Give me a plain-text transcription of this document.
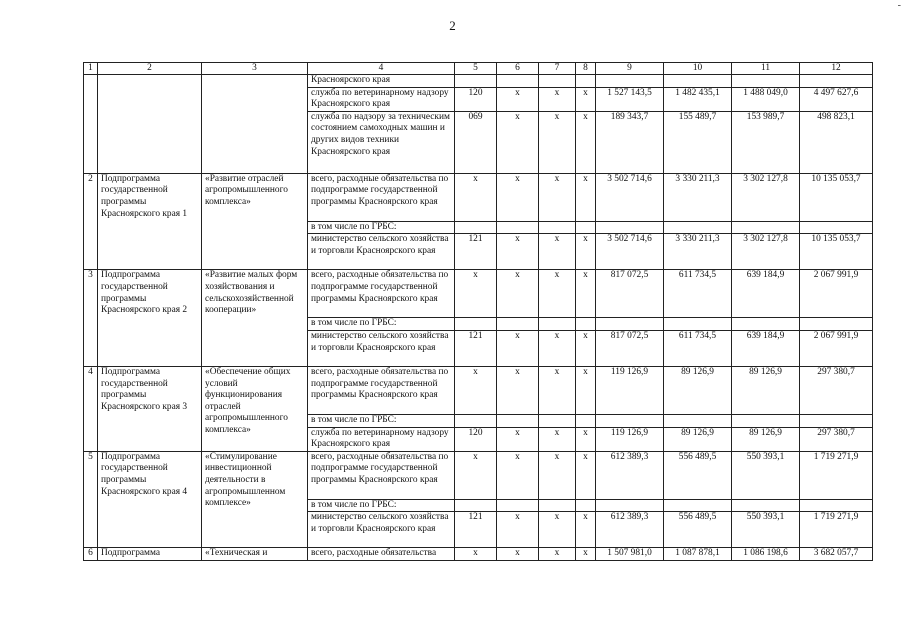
2
-
1	2	3	4	5	6	7	8	9	10	11	12
			Красноярского края								
			служба по ветеринарному надзору Красноярского края	120	х	х	х	1 527 143,5	1 482 435,1	1 488 049,0	4 497 627,6
			служба по надзору за техническим состоянием самоходных машин и других видов техники Красноярского края	069	х	х	х	189 343,7	155 489,7	153 989,7	498 823,1
2	Подпрограмма государственной программы Красноярского края 1	«Развитие отраслей агропромышленного комплекса»	всего, расходные обязательства по подпрограмме государственной программы Красноярского края	х	х	х	х	3 502 714,6	3 330 211,3	3 302 127,8	10 135 053,7
			в том числе по ГРБС:								
			министерство сельского хозяйства и торговли Красноярского края	121	х	х	х	3 502 714,6	3 330 211,3	3 302 127,8	10 135 053,7
3	Подпрограмма государственной программы Красноярского края 2	«Развитие малых форм хозяйствования и сельскохозяйственной кооперации»	всего, расходные обязательства по подпрограмме государственной программы Красноярского края	х	х	х	х	817 072,5	611 734,5	639 184,9	2 067 991,9
			в том числе по ГРБС:								
			министерство сельского хозяйства и торговли Красноярского края	121	х	х	х	817 072,5	611 734,5	639 184,9	2 067 991,9
4	Подпрограмма государственной программы Красноярского края 3	«Обеспечение общих условий функционирования отраслей агропромышленного комплекса»	всего, расходные обязательства по подпрограмме государственной программы Красноярского края	х	х	х	х	119 126,9	89 126,9	89 126,9	297 380,7
			в том числе по ГРБС:								
			служба по ветеринарному надзору Красноярского края	120	х	х	х	119 126,9	89 126,9	89 126,9	297 380,7
5	Подпрограмма государственной программы Красноярского края 4	«Стимулирование инвестиционной деятельности в агропромышленном комплексе»	всего, расходные обязательства по подпрограмме государственной программы Красноярского края	х	х	х	х	612 389,3	556 489,5	550 393,1	1 719 271,9
			в том числе по ГРБС:								
			министерство сельского хозяйства и торговли Красноярского края	121	х	х	х	612 389,3	556 489,5	550 393,1	1 719 271,9
6	Подпрограмма	«Техническая и	всего, расходные обязательства	х	х	х	х	1 507 981,0	1 087 878,1	1 086 198,6	3 682 057,7
